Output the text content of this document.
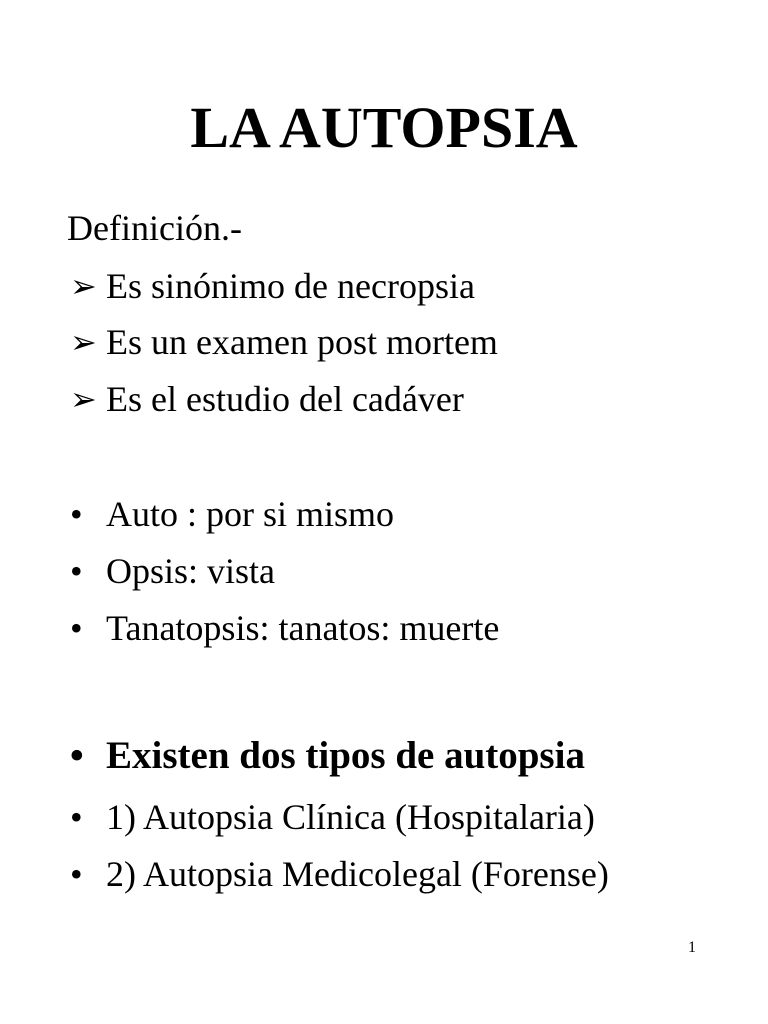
LA AUTOPSIA
Definición.-
➢ Es sinónimo de necropsia
➢ Es un examen post mortem
➢ Es el estudio del cadáver
• Auto : por si mismo
• Opsis: vista
• Tanatopsis: tanatos: muerte
• Existen dos tipos de autopsia
• 1) Autopsia Clínica (Hospitalaria)
• 2) Autopsia Medicolegal (Forense)
1
